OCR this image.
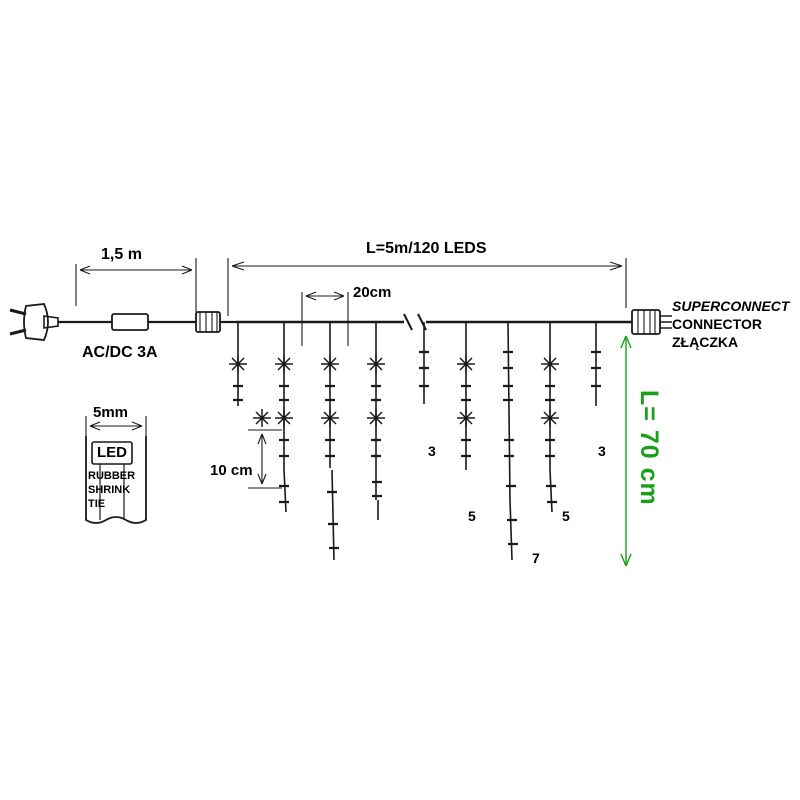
1,5 m
AC/DC 3A
L=5m/120 LEDS
20cm
10 cm
SUPERCONNECT
CONNECTOR
ZŁĄCZKA
L= 70 cm
5mm
LED
RUBBER
SHRINK
TIE
3
5
7
5
3
